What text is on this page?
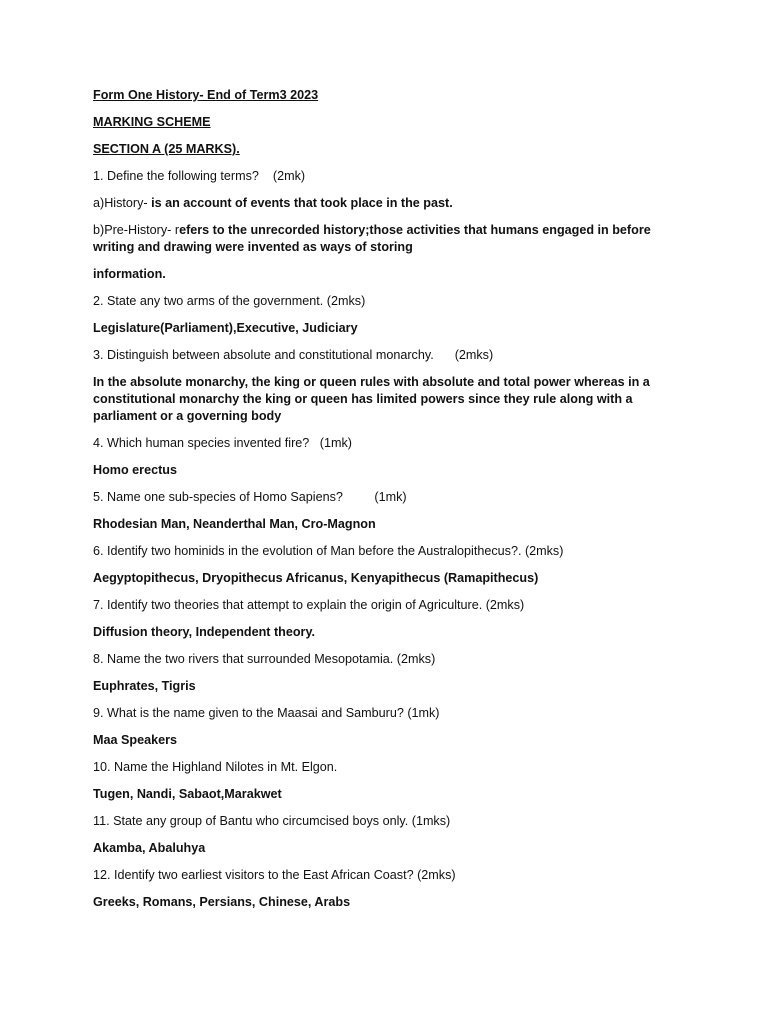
Form One History- End of Term3 2023
MARKING SCHEME
SECTION A (25 MARKS).
1. Define the following terms?    (2mk)
a)History- is an account of events that took place in the past.
b)Pre-History- refers to the unrecorded history;those activities that humans engaged in before writing and drawing were invented as ways of storing
information.
2. State any two arms of the government. (2mks)
Legislature(Parliament),Executive, Judiciary
3. Distinguish between absolute and constitutional monarchy.      (2mks)
In the absolute monarchy, the king or queen rules with absolute and total power whereas in a constitutional monarchy the king or queen has limited powers since they rule along with a parliament or a governing body
4. Which human species invented fire?   (1mk)
Homo erectus
5. Name one sub-species of Homo Sapiens?         (1mk)
Rhodesian Man, Neanderthal Man, Cro-Magnon
6. Identify two hominids in the evolution of Man before the Australopithecus?. (2mks)
Aegyptopithecus, Dryopithecus Africanus, Kenyapithecus (Ramapithecus)
7. Identify two theories that attempt to explain the origin of Agriculture. (2mks)
Diffusion theory, Independent theory.
8. Name the two rivers that surrounded Mesopotamia. (2mks)
Euphrates, Tigris
9. What is the name given to the Maasai and Samburu? (1mk)
Maa Speakers
10. Name the Highland Nilotes in Mt. Elgon.
Tugen, Nandi, Sabaot,Marakwet
11. State any group of Bantu who circumcised boys only. (1mks)
Akamba, Abaluhya
12. Identify two earliest visitors to the East African Coast? (2mks)
Greeks, Romans, Persians, Chinese, Arabs
